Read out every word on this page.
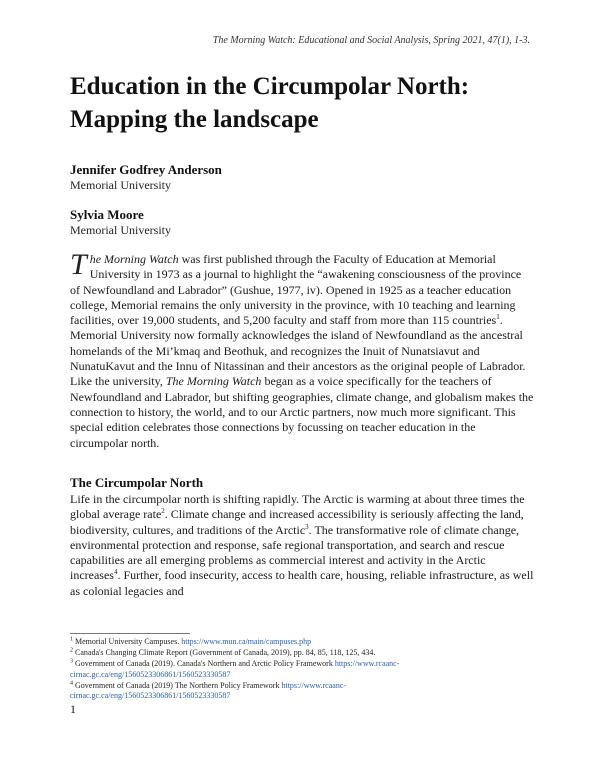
The Morning Watch: Educational and Social Analysis, Spring 2021, 47(1), 1-3.
Education in the Circumpolar North:
Mapping the landscape
Jennifer Godfrey Anderson
Memorial University
Sylvia Moore
Memorial University

The Morning Watch was first published through the Faculty of Education at Memorial University in 1973 as a journal to highlight the “awakening consciousness of the province of Newfoundland and Labrador” (Gushue, 1977, iv). Opened in 1925 as a teacher education college, Memorial remains the only university in the province, with 10 teaching and learning facilities, over 19,000 students, and 5,200 faculty and staff from more than 115 countries$^1$. Memorial University now formally acknowledges the island of Newfoundland as the ancestral homelands of the Mi’kmaq and Beothuk, and recognizes the Inuit of Nunatsiavut and NunatuKavut and the Innu of Nitassinan and their ancestors as the original people of Labrador. Like the university, The Morning Watch began as a voice specifically for the teachers of Newfoundland and Labrador, but shifting geographies, climate change, and globalism makes the connection to history, the world, and to our Arctic partners, now much more significant. This special edition celebrates those connections by focussing on teacher education in the circumpolar north.

The Circumpolar North

Life in the circumpolar north is shifting rapidly. The Arctic is warming at about three times the global average rate$^2$. Climate change and increased accessibility is seriously affecting the land, biodiversity, cultures, and traditions of the Arctic$^3$. The transformative role of climate change, environmental protection and response, safe regional transportation, and search and rescue capabilities are all emerging problems as commercial interest and activity in the Arctic increases$^4$. Further, food insecurity, access to health care, housing, reliable infrastructure, as well as colonial legacies and

$^1$ Memorial University Campuses. https://www.mun.ca/main/campuses.php

$^2$ Canada's Changing Climate Report (Government of Canada, 2019), pp. 84, 85, 118, 125, 434.

$^3$ Government of Canada (2019). Canada's Northern and Arctic Policy Framework https://www.rcaanc-cirnac.gc.ca/eng/1560523306861/1560523330587

$^4$ Government of Canada (2019) The Northern Policy Framework https://www.rcaanc-cirnac.gc.ca/eng/1560523306861/1560523330587

1
